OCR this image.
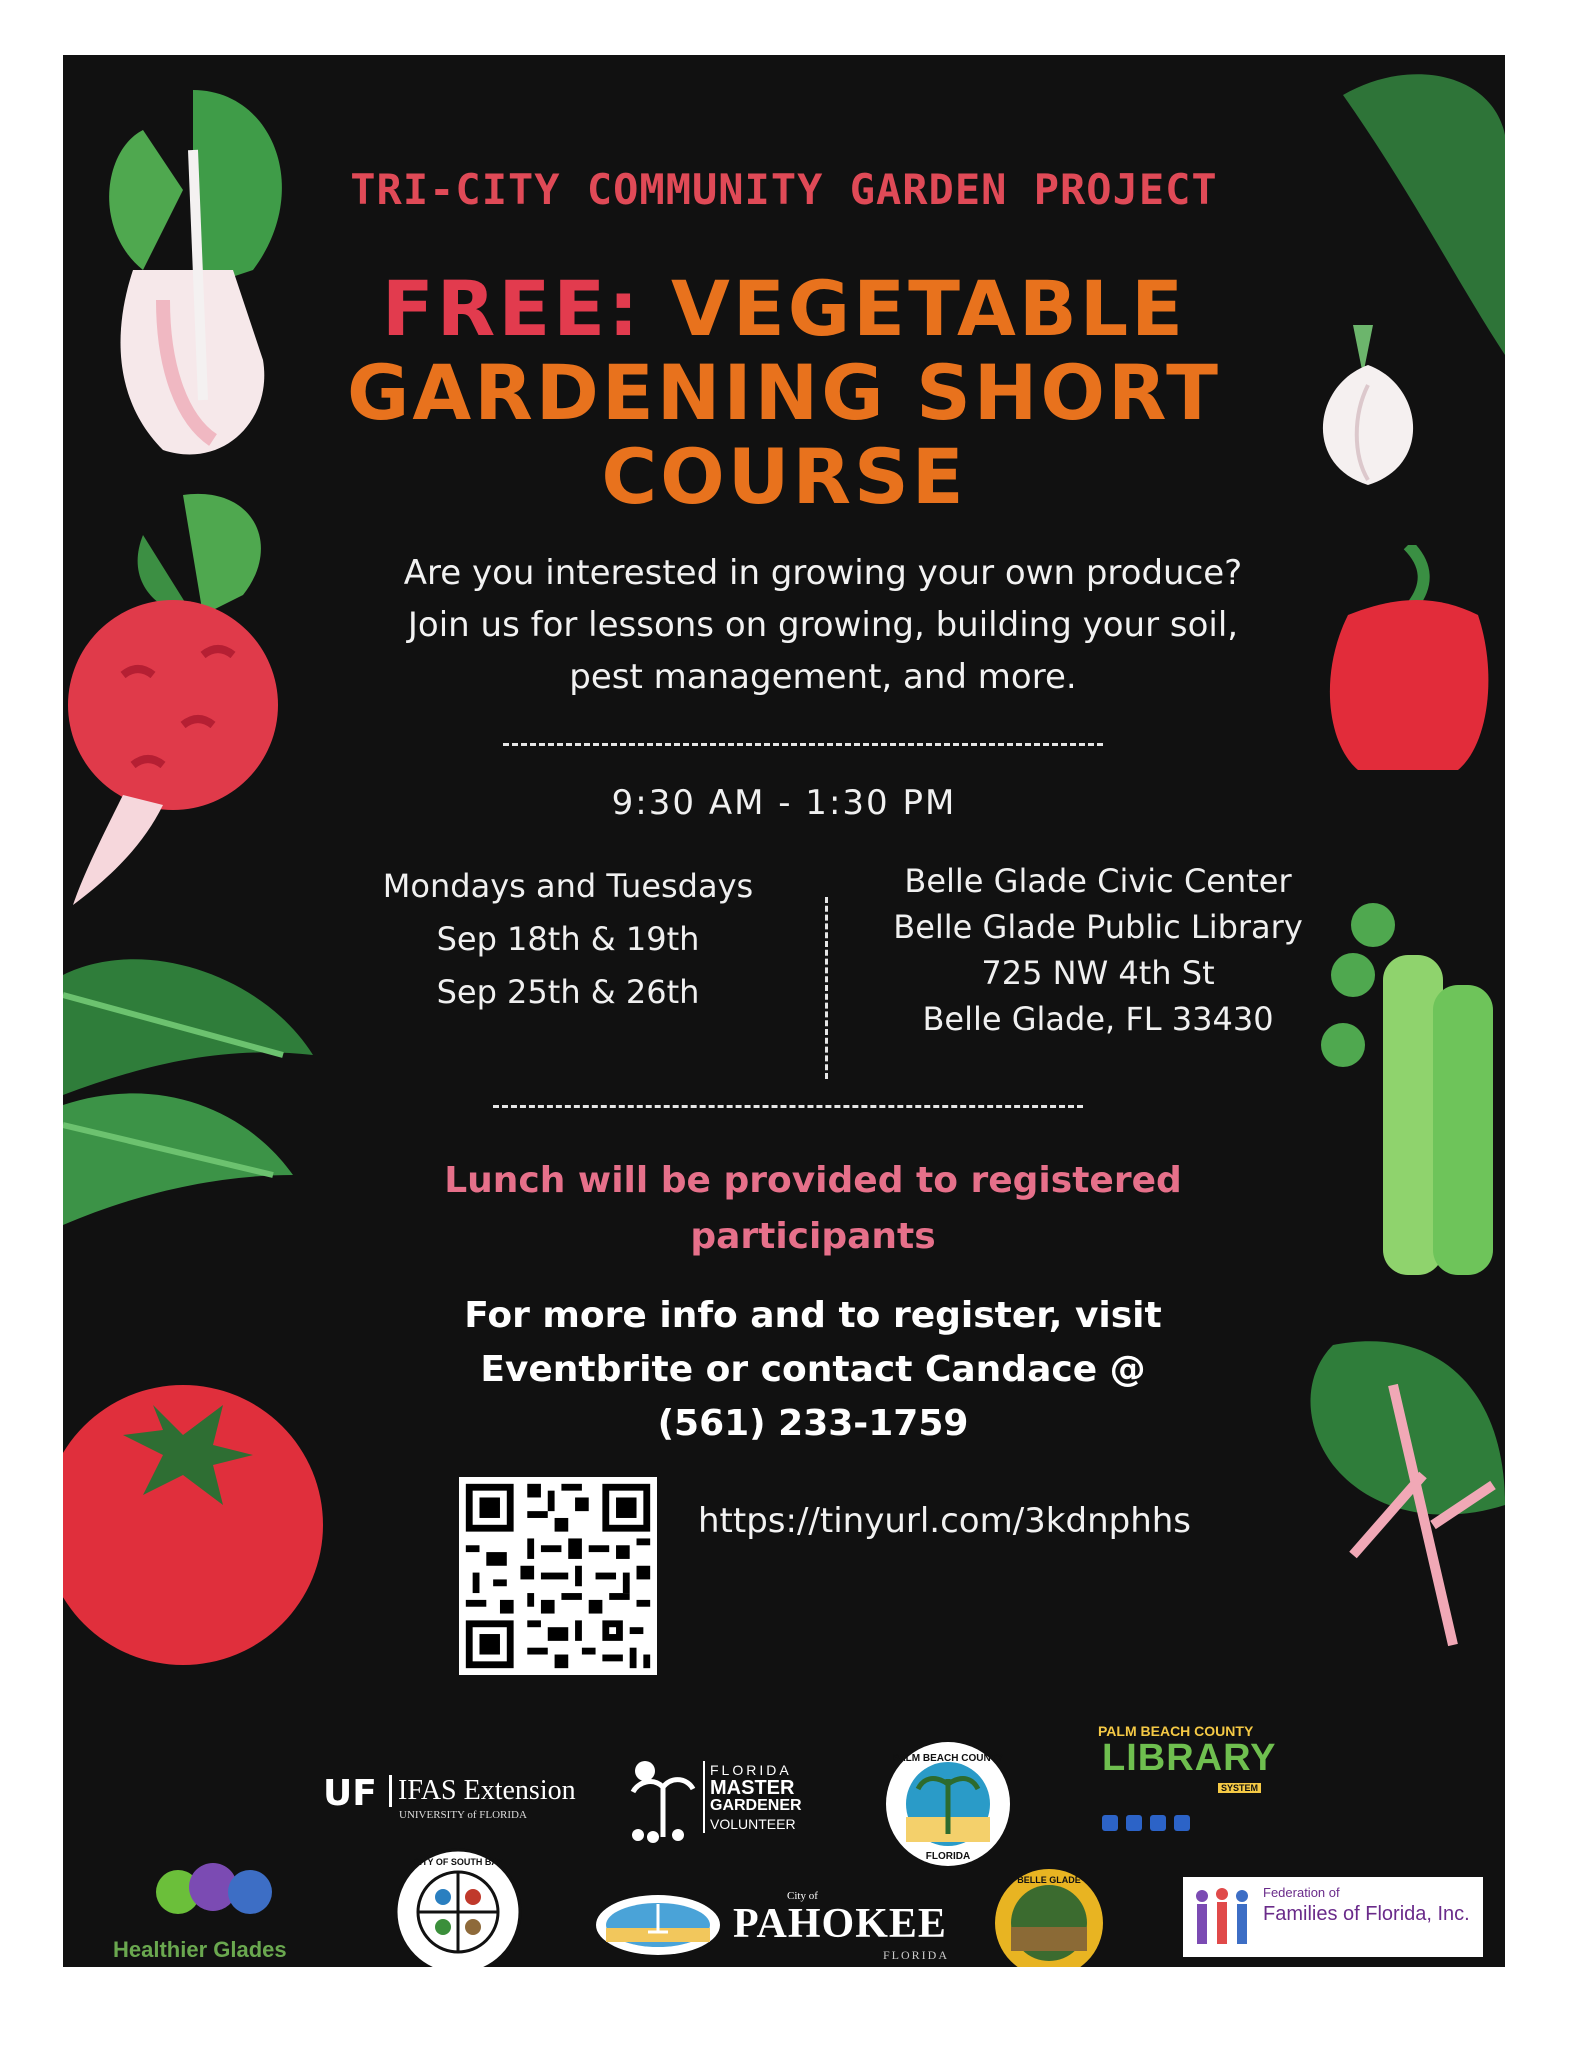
TRI-CITY COMMUNITY GARDEN PROJECT
FREE: VEGETABLE
GARDENING SHORT
COURSE
Are you interested in growing your own produce?
Join us for lessons on growing, building your soil,
pest management, and more.
9:30 AM - 1:30 PM
Mondays and Tuesdays
Sep 18th & 19th
Sep 25th & 26th
Belle Glade Civic Center
Belle Glade Public Library
725 NW 4th St
Belle Glade, FL 33430
Lunch will be provided to registered
participants
For more info and to register, visit
Eventbrite or contact Candace @
(561) 233-1759
https://tinyurl.com/3kdnphhs
UF IFAS Extension
UNIVERSITY of FLORIDA
FLORIDA
MASTER
GARDENER
VOLUNTEER
PALM BEACH COUNTY
FLORIDA
PALM BEACH COUNTY
LIBRARY
SYSTEM

Healthier Glades
CITY OF SOUTH BAY
City of
PAHOKEE
FLORIDA
BELLE GLADE
Federation of
Families of Florida, Inc.
